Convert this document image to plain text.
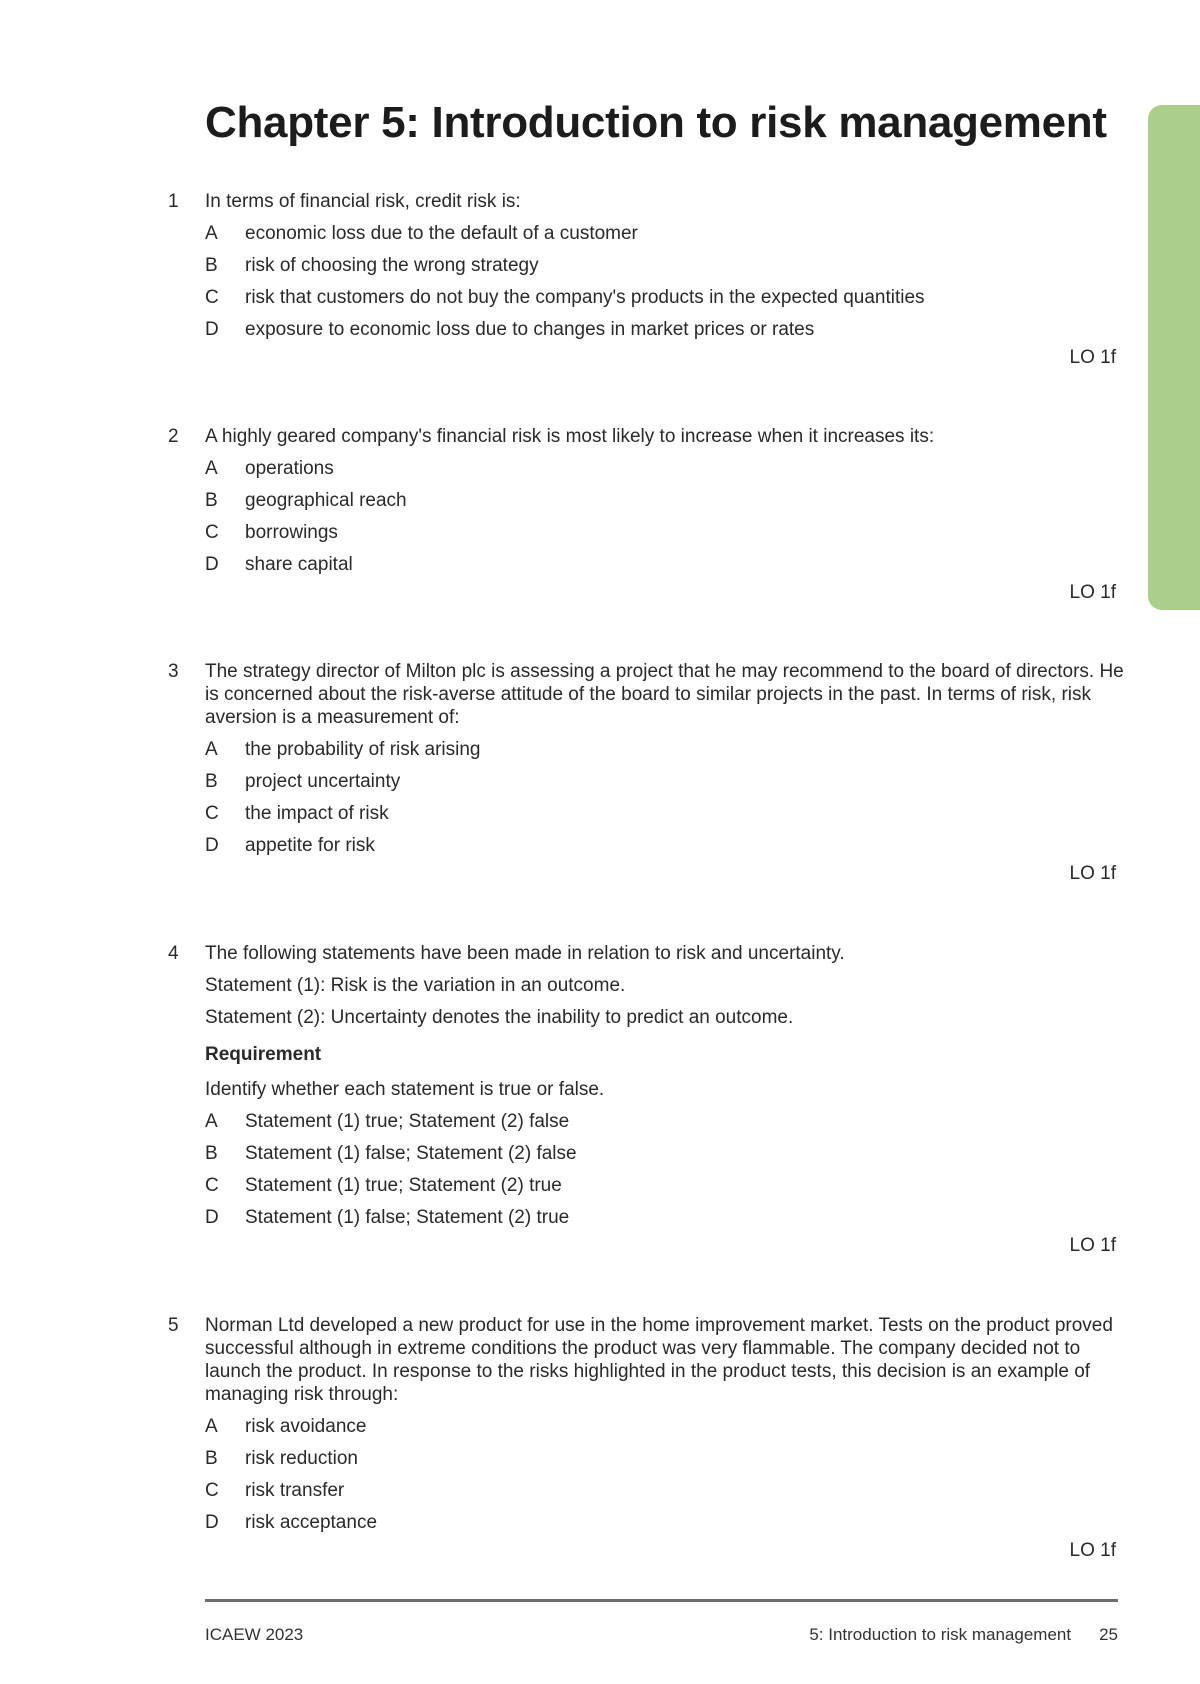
Chapter 5: Introduction to risk management
1 In terms of financial risk, credit risk is:
A economic loss due to the default of a customer
B risk of choosing the wrong strategy
C risk that customers do not buy the company's products in the expected quantities
D exposure to economic loss due to changes in market prices or rates
LO 1f
2 A highly geared company's financial risk is most likely to increase when it increases its:
A operations
B geographical reach
C borrowings
D share capital
LO 1f
3 The strategy director of Milton plc is assessing a project that he may recommend to the board of directors. He is concerned about the risk-averse attitude of the board to similar projects in the past. In terms of risk, risk aversion is a measurement of:
A the probability of risk arising
B project uncertainty
C the impact of risk
D appetite for risk
LO 1f
4 The following statements have been made in relation to risk and uncertainty.
Statement (1): Risk is the variation in an outcome.
Statement (2): Uncertainty denotes the inability to predict an outcome.
Requirement
Identify whether each statement is true or false.
A Statement (1) true; Statement (2) false
B Statement (1) false; Statement (2) false
C Statement (1) true; Statement (2) true
D Statement (1) false; Statement (2) true
LO 1f
5 Norman Ltd developed a new product for use in the home improvement market. Tests on the product proved successful although in extreme conditions the product was very flammable. The company decided not to launch the product. In response to the risks highlighted in the product tests, this decision is an example of managing risk through:
A risk avoidance
B risk reduction
C risk transfer
D risk acceptance
LO 1f
ICAEW 2023	5: Introduction to risk management 25
